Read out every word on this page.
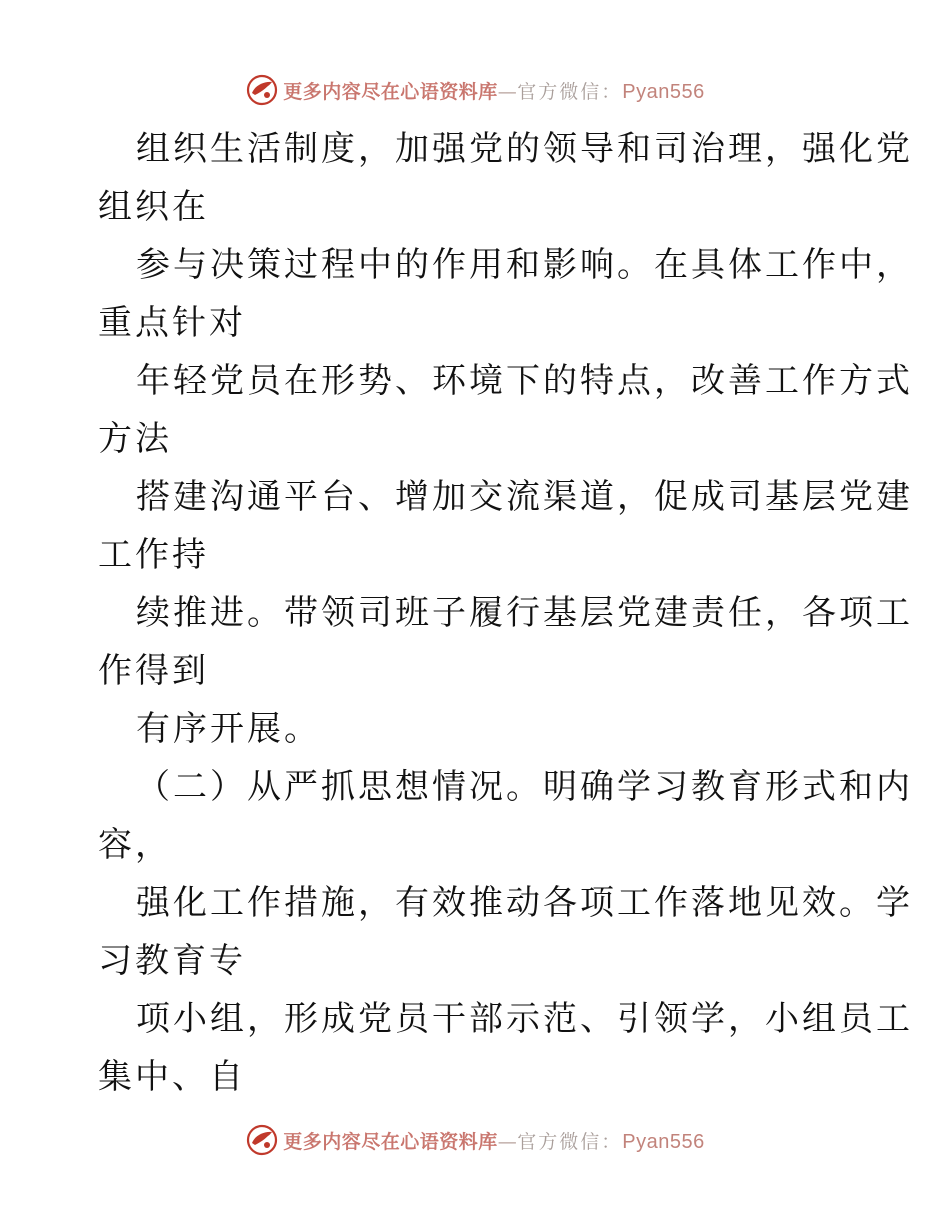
更多内容尽在心语资料库—官方微信：Pyan556
组织生活制度，加强党的领导和司治理，强化党
组织在
参与决策过程中的作用和影响。在具体工作中，
重点针对
年轻党员在形势、环境下的特点，改善工作方式
方法
搭建沟通平台、增加交流渠道，促成司基层党建
工作持
续推进。带领司班子履行基层党建责任，各项工
作得到
有序开展。
（二）从严抓思想情况。明确学习教育形式和内
容，
强化工作措施，有效推动各项工作落地见效。学
习教育专
项小组，形成党员干部示范、引领学，小组员工
集中、自
更多内容尽在心语资料库—官方微信：Pyan556
